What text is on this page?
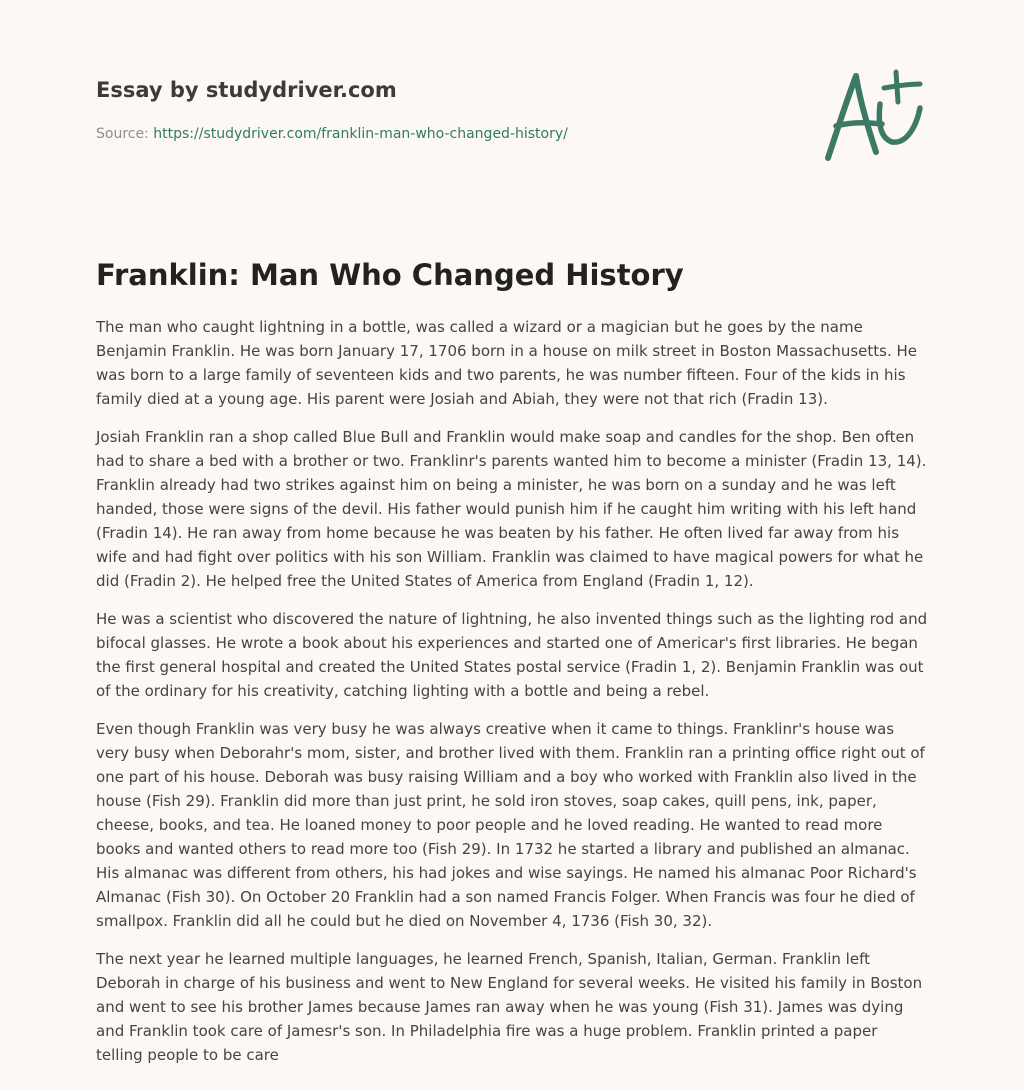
Essay by studydriver.com
Source: https://studydriver.com/franklin-man-who-changed-history/
Franklin: Man Who Changed History

The man who caught lightning in a bottle, was called a wizard or a magician but he goes by the name Benjamin Franklin. He was born January 17, 1706 born in a house on milk street in Boston Massachusetts. He was born to a large family of seventeen kids and two parents, he was number fifteen. Four of the kids in his family died at a young age. His parent were Josiah and Abiah, they were not that rich (Fradin 13).

Josiah Franklin ran a shop called Blue Bull and Franklin would make soap and candles for the shop. Ben often had to share a bed with a brother or two. Franklinr's parents wanted him to become a minister (Fradin 13, 14). Franklin already had two strikes against him on being a minister, he was born on a sunday and he was left handed, those were signs of the devil. His father would punish him if he caught him writing with his left hand (Fradin 14). He ran away from home because he was beaten by his father. He often lived far away from his wife and had fight over politics with his son William. Franklin was claimed to have magical powers for what he did (Fradin 2). He helped free the United States of America from England (Fradin 1, 12).

He was a scientist who discovered the nature of lightning, he also invented things such as the lighting rod and bifocal glasses. He wrote a book about his experiences and started one of Americar's first libraries. He began the first general hospital and created the United States postal service (Fradin 1, 2). Benjamin Franklin was out of the ordinary for his creativity, catching lighting with a bottle and being a rebel.

Even though Franklin was very busy he was always creative when it came to things. Franklinr's house was very busy when Deborahr's mom, sister, and brother lived with them. Franklin ran a printing office right out of one part of his house. Deborah was busy raising William and a boy who worked with Franklin also lived in the house (Fish 29). Franklin did more than just print, he sold iron stoves, soap cakes, quill pens, ink, paper, cheese, books, and tea. He loaned money to poor people and he loved reading. He wanted to read more books and wanted others to read more too (Fish 29). In 1732 he started a library and published an almanac. His almanac was different from others, his had jokes and wise sayings. He named his almanac Poor Richard's Almanac (Fish 30). On October 20 Franklin had a son named Francis Folger. When Francis was four he died of smallpox. Franklin did all he could but he died on November 4, 1736 (Fish 30, 32).

The next year he learned multiple languages, he learned French, Spanish, Italian, German. Franklin left Deborah in charge of his business and went to New England for several weeks. He visited his family in Boston and went to see his brother James because James ran away when he was young (Fish 31). James was dying and Franklin took care of Jamesr's son. In Philadelphia fire was a huge problem. Franklin printed a paper telling people to be care
